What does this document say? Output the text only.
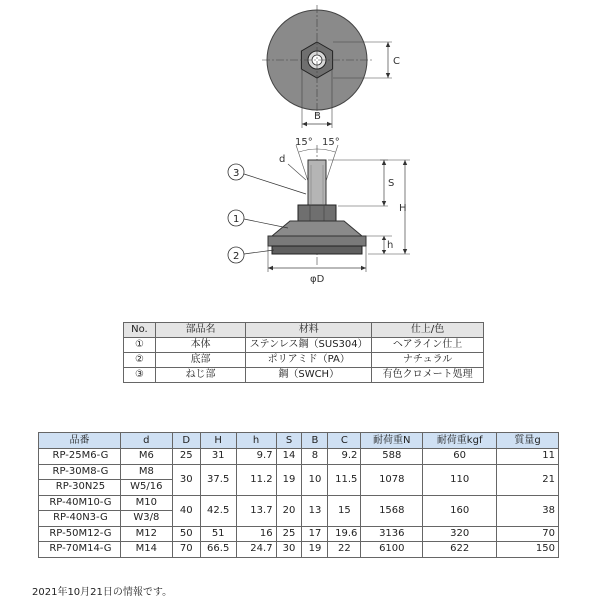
C
B
15° 15°
d
S
H
h
φD
3
1
2
No.	部品名	材料	仕上/色
①	本体	ステンレス鋼（SUS304）	ヘアライン仕上
②	底部	ポリアミド（PA）	ナチュラル
③	ねじ部	鋼（SWCH）	有色クロメート処理
品番	d	D	H	h	S	B	C	耐荷重N	耐荷重kgf	質量g
RP-25M6-G	M6	25	31	9.7	14	8	9.2	588	60	11
RP-30M8-G	M8	30	37.5	11.2	19	10	11.5	1078	110	21
RP-30N25	W5/16									
RP-40M10-G	M10	40	42.5	13.7	20	13	15	1568	160	38
RP-40N3-G	W3/8									
RP-50M12-G	M12	50	51	16	25	17	19.6	3136	320	70
RP-70M14-G	M14	70	66.5	24.7	30	19	22	6100	622	150
2021年10月21日の情報です。
